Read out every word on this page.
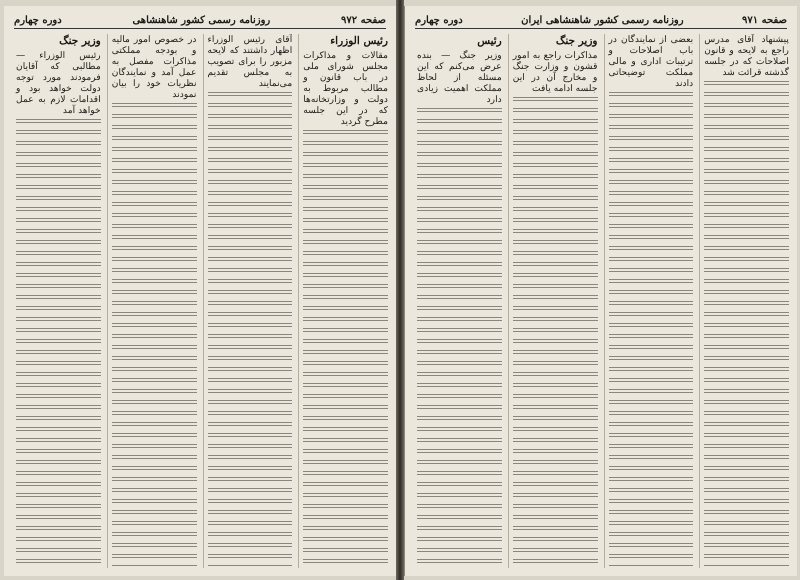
دوره چهارم	روزنامه رسمی کشور شاهنشاهی	صفحه ۹۷۲
رئیس الوزراء
مقالات و مذاکرات مجلس شورای ملی در باب قانون و مطالب مربوط به دولت و وزارتخانه‌ها که در این جلسه مطرح گردید
آقای رئیس الوزراء اظهار داشتند که لایحه مزبور را برای تصویب به مجلس تقدیم می‌نمایند
در خصوص امور مالیه و بودجه مملکتی مذاکرات مفصل به عمل آمد و نمایندگان نظریات خود را بیان نمودند
وزیر جنگ
رئیس الوزراء — مطالبی که آقایان فرمودند مورد توجه دولت خواهد بود و اقدامات لازم به عمل خواهد آمد
دوره چهارم	روزنامه رسمی کشور شاهنشاهی ایران	صفحه ۹۷۱
پیشنهاد آقای مدرس راجع به لایحه و قانون اصلاحات که در جلسه گذشته قرائت شد
بعضی از نمایندگان در باب اصلاحات و ترتیبات اداری و مالی مملکت توضیحاتی دادند
وزیر جنگ
مذاکرات راجع به امور قشون و وزارت جنگ و مخارج آن در این جلسه ادامه یافت
رئیس
وزیر جنگ — بنده عرض می‌کنم که این مسئله از لحاظ مملکت اهمیت زیادی دارد
